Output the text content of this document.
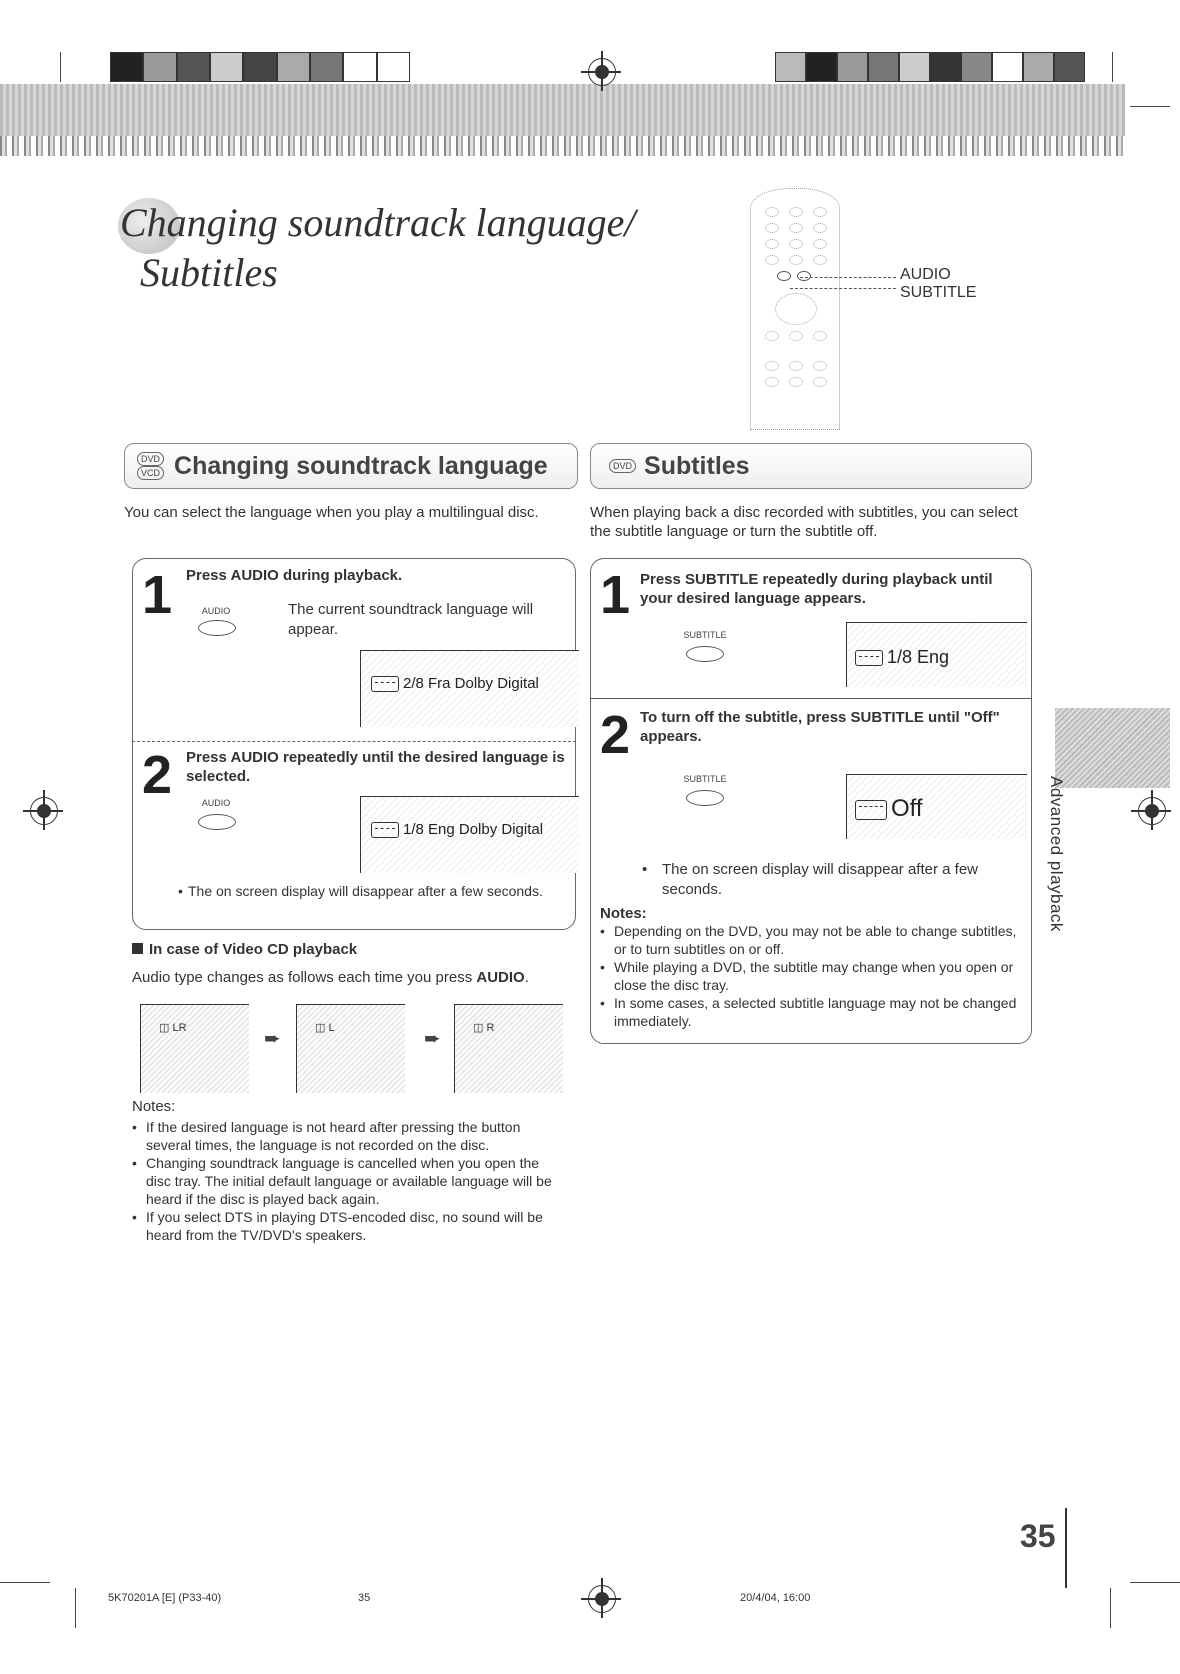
Changing soundtrack language/
Subtitles	AUDIO
SUBTITLE
DVD
VCD Changing soundtrack language
You can select the language when you play a multilingual disc.
1 Press AUDIO during playback.
AUDIO	The current soundtrack language will appear.
2/8 Fra Dolby Digital
2 Press AUDIO repeatedly until the desired language is selected.
AUDIO
1/8 Eng Dolby Digital
• The on screen display will disappear after a few seconds.
In case of Video CD playback
Audio type changes as follows each time you press AUDIO.
◫ LR	➨	◫ L	➨	◫ R
Notes:
• If the desired language is not heard after pressing the button several times, the language is not recorded on the disc.
• Changing soundtrack language is cancelled when you open the disc tray. The initial default language or available language will be heard if the disc is played back again.
• If you select DTS in playing DTS-encoded disc, no sound will be heard from the TV/DVD's speakers.
DVD Subtitles
When playing back a disc recorded with subtitles, you can select the subtitle language or turn the subtitle off.
1 Press SUBTITLE repeatedly during playback until your desired language appears.
SUBTITLE
1/8 Eng
2 To turn off the subtitle, press SUBTITLE until "Off" appears.
SUBTITLE
Off
• The on screen display will disappear after a few seconds.
Notes:
• Depending on the DVD, you may not be able to change subtitles, or to turn subtitles on or off.
• While playing a DVD, the subtitle may change when you open or close the disc tray.
• In some cases, a selected subtitle language may not be changed immediately.
Advanced playback
35
5K70201A [E] (P33-40)	35	20/4/04, 16:00
